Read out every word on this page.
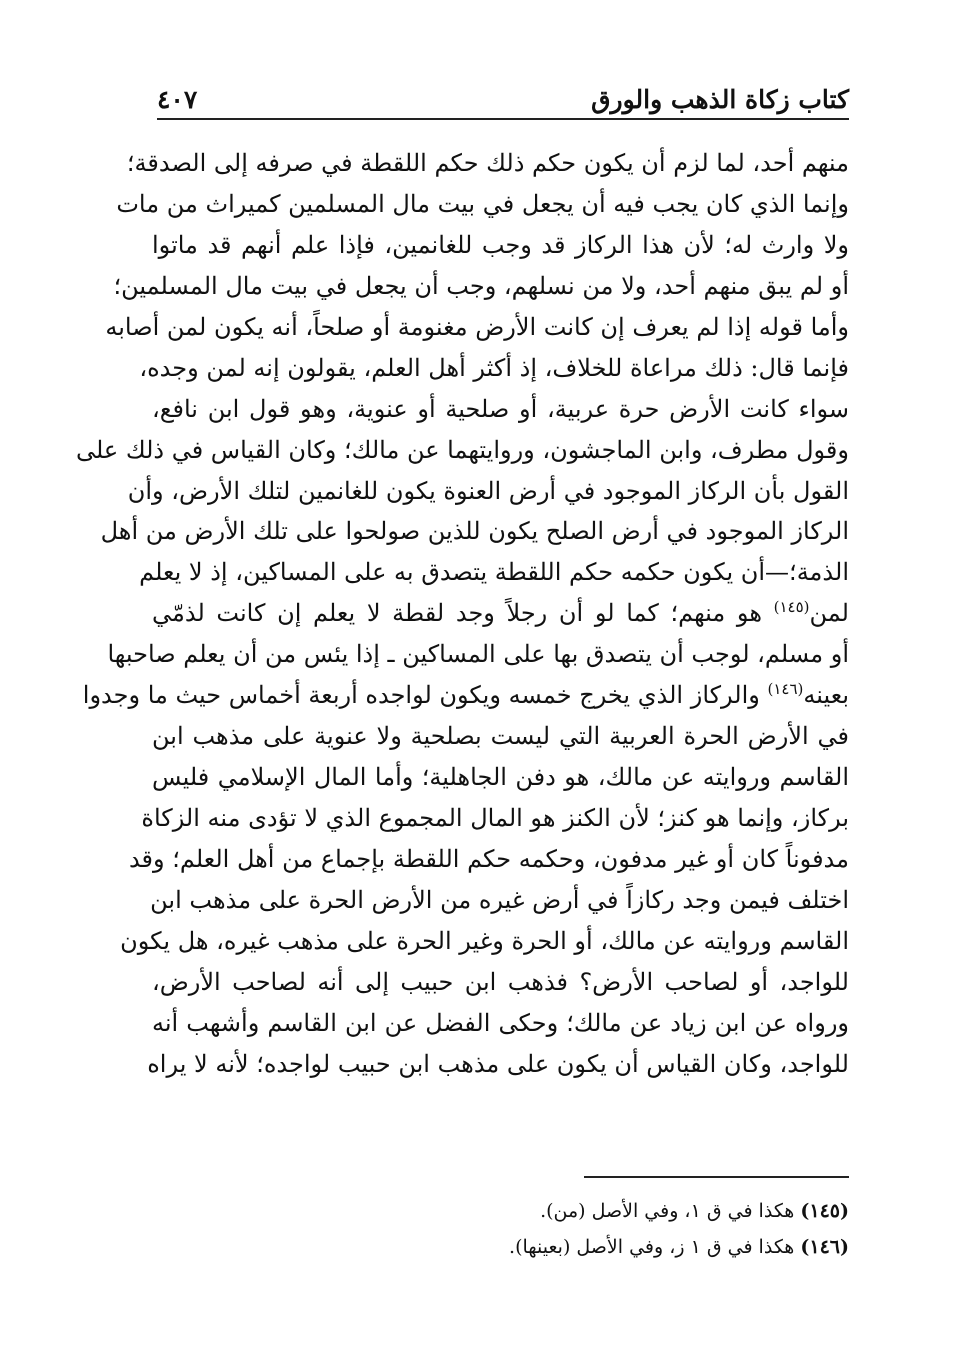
كتاب زكاة الذهب والورق
٤٠٧
منهم أحد، لما لزم أن يكون حكم ذلك حكم اللقطة في صرفه إلى الصدقة؛
وإنما الذي كان يجب فيه أن يجعل في بيت مال المسلمين كميراث من مات
ولا وارث له؛ لأن هذا الركاز قد وجب للغانمين، فإذا علم أنهم قد ماتوا
أو لم يبق منهم أحد، ولا من نسلهم، وجب أن يجعل في بيت مال المسلمين؛
وأما قوله إذا لم يعرف إن كانت الأرض مغنومة أو صلحاً، أنه يكون لمن أصابه
فإنما قال: ذلك مراعاة للخلاف، إذ أكثر أهل العلم، يقولون إنه لمن وجده،
سواء كانت الأرض حرة عربية، أو صلحية أو عنوية، وهو قول ابن نافع،
وقول مطرف، وابن الماجشون، وروايتهما عن مالك؛ وكان القياس في ذلك على
القول بأن الركاز الموجود في أرض العنوة يكون للغانمين لتلك الأرض، وأن
الركاز الموجود في أرض الصلح يكون للذين صولحوا على تلك الأرض من أهل
الذمة؛—أن يكون حكمه حكم اللقطة يتصدق به على المساكين، إذ لا يعلم
لمن$^{(١٤٥)}$ هو منهم؛ كما لو أن رجلاً وجد لقطة لا يعلم إن كانت لذمّي
أو مسلم، لوجب أن يتصدق بها على المساكين ـ إذا يئس من أن يعلم صاحبها
بعينه$^{(١٤٦)}$ والركاز الذي يخرج خمسه ويكون لواجده أربعة أخماس حيث ما وجدوا
في الأرض الحرة العربية التي ليست بصلحية ولا عنوية على مذهب ابن
القاسم وروايته عن مالك، هو دفن الجاهلية؛ وأما المال الإسلامي فليس
بركاز، وإنما هو كنز؛ لأن الكنز هو المال المجموع الذي لا تؤدى منه الزكاة
مدفوناً كان أو غير مدفون، وحكمه حكم اللقطة بإجماع من أهل العلم؛ وقد
اختلف فيمن وجد ركازاً في أرض غيره من الأرض الحرة على مذهب ابن
القاسم وروايته عن مالك، أو الحرة وغير الحرة على مذهب غيره، هل يكون
للواجد، أو لصاحب الأرض؟ فذهب ابن حبيب إلى أنه لصاحب الأرض،
ورواه عن ابن زياد عن مالك؛ وحكى الفضل عن ابن القاسم وأشهب أنه
للواجد، وكان القياس أن يكون على مذهب ابن حبيب لواجده؛ لأنه لا يراه
(١٤٥) هكذا في ق ١، وفي الأصل (من).
(١٤٦) هكذا في ق ١ ز، وفي الأصل (بعينها).
